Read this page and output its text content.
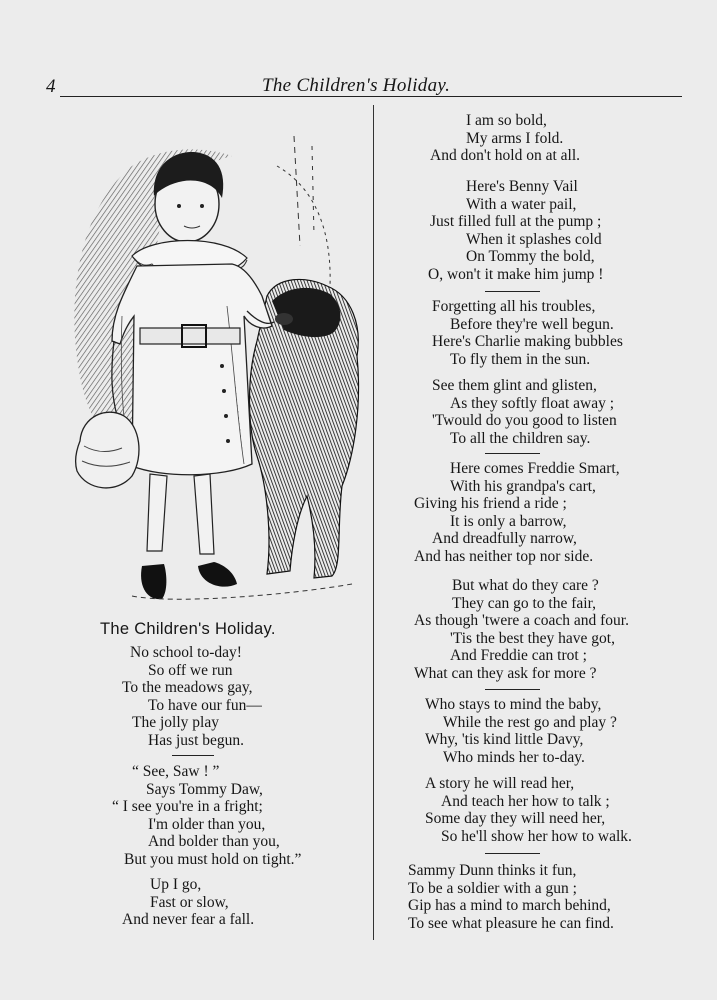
4	The Children's Holiday.
The Children's Holiday.
No school to-day!
So off we run
To the meadows gay,
To have our fun—
The jolly play
Has just begun.
“ See, Saw ! ”
Says Tommy Daw,
“ I see you're in a fright;
I'm older than you,
And bolder than you,
But you must hold on tight.”
Up I go,
Fast or slow,
And never fear a fall.
I am so bold,
My arms I fold.
And don't hold on at all.
Here's Benny Vail
With a water pail,
Just filled full at the pump ;
When it splashes cold
On Tommy the bold,
O, won't it make him jump !
Forgetting all his troubles,
Before they're well begun.
Here's Charlie making bubbles
To fly them in the sun.
See them glint and glisten,
As they softly float away ;
'Twould do you good to listen
To all the children say.
Here comes Freddie Smart,
With his grandpa's cart,
Giving his friend a ride ;
It is only a barrow,
And dreadfully narrow,
And has neither top nor side.
But what do they care ?
They can go to the fair,
As though 'twere a coach and four.
'Tis the best they have got,
And Freddie can trot ;
What can they ask for more ?
Who stays to mind the baby,
While the rest go and play ?
Why, 'tis kind little Davy,
Who minds her to-day.
A story he will read her,
And teach her how to talk ;
Some day they will need her,
So he'll show her how to walk.
Sammy Dunn thinks it fun,
To be a soldier with a gun ;
Gip has a mind to march behind,
To see what pleasure he can find.
